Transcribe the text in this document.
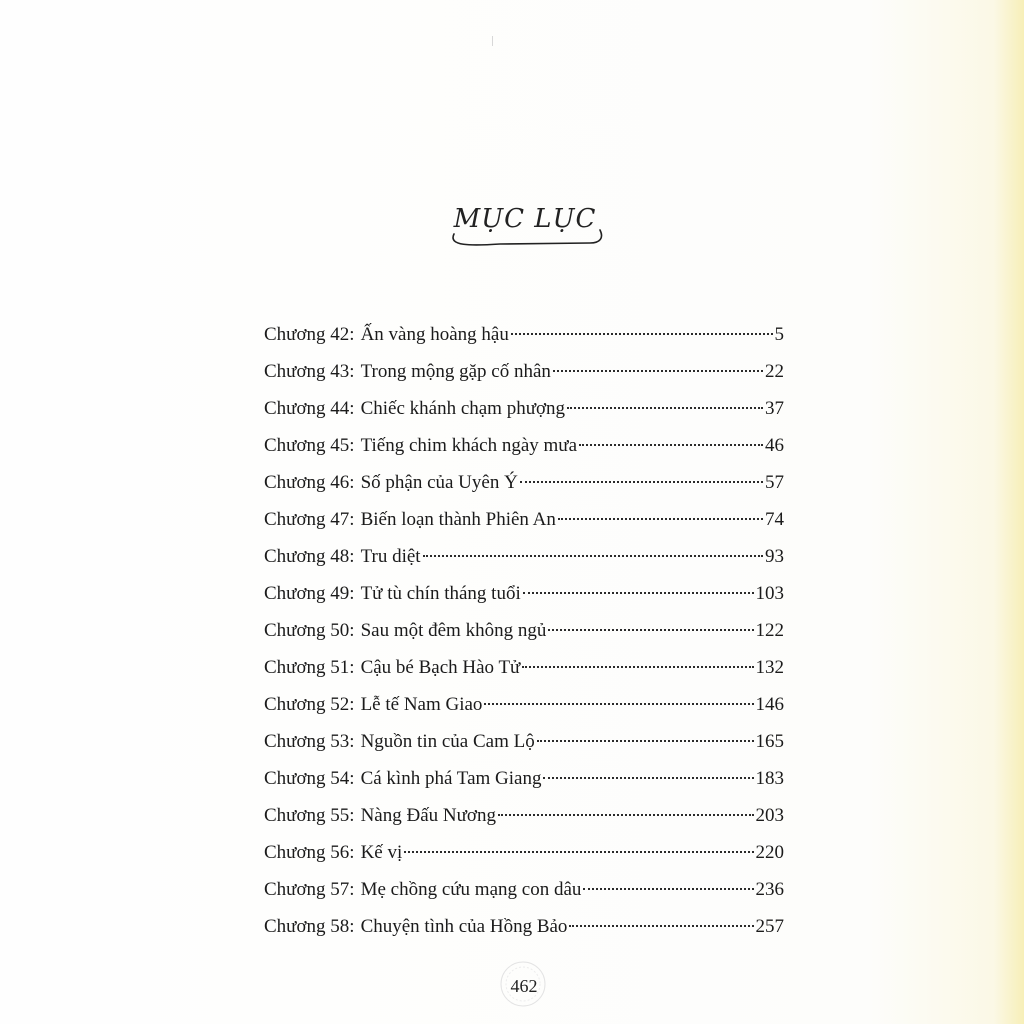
MỤC LỤC
Chương 42 : Ấn vàng hoàng hậu	5
Chương 43 : Trong mộng gặp cố nhân	22
Chương 44 : Chiếc khánh chạm phượng	37
Chương 45 : Tiếng chim khách ngày mưa	46
Chương 46 : Số phận của Uyên Ý	57
Chương 47 : Biến loạn thành Phiên An	74
Chương 48 : Tru diệt	93
Chương 49 : Tử tù chín tháng tuổi	103
Chương 50 : Sau một đêm không ngủ	122
Chương 51 : Cậu bé Bạch Hào Tử	132
Chương 52 : Lễ tế Nam Giao	146
Chương 53 : Nguồn tin của Cam Lộ	165
Chương 54 : Cá kình phá Tam Giang	183
Chương 55 : Nàng Đấu Nương	203
Chương 56 : Kế vị	220
Chương 57 : Mẹ chồng cứu mạng con dâu	236
Chương 58 : Chuyện tình của Hồng Bảo	257
462
